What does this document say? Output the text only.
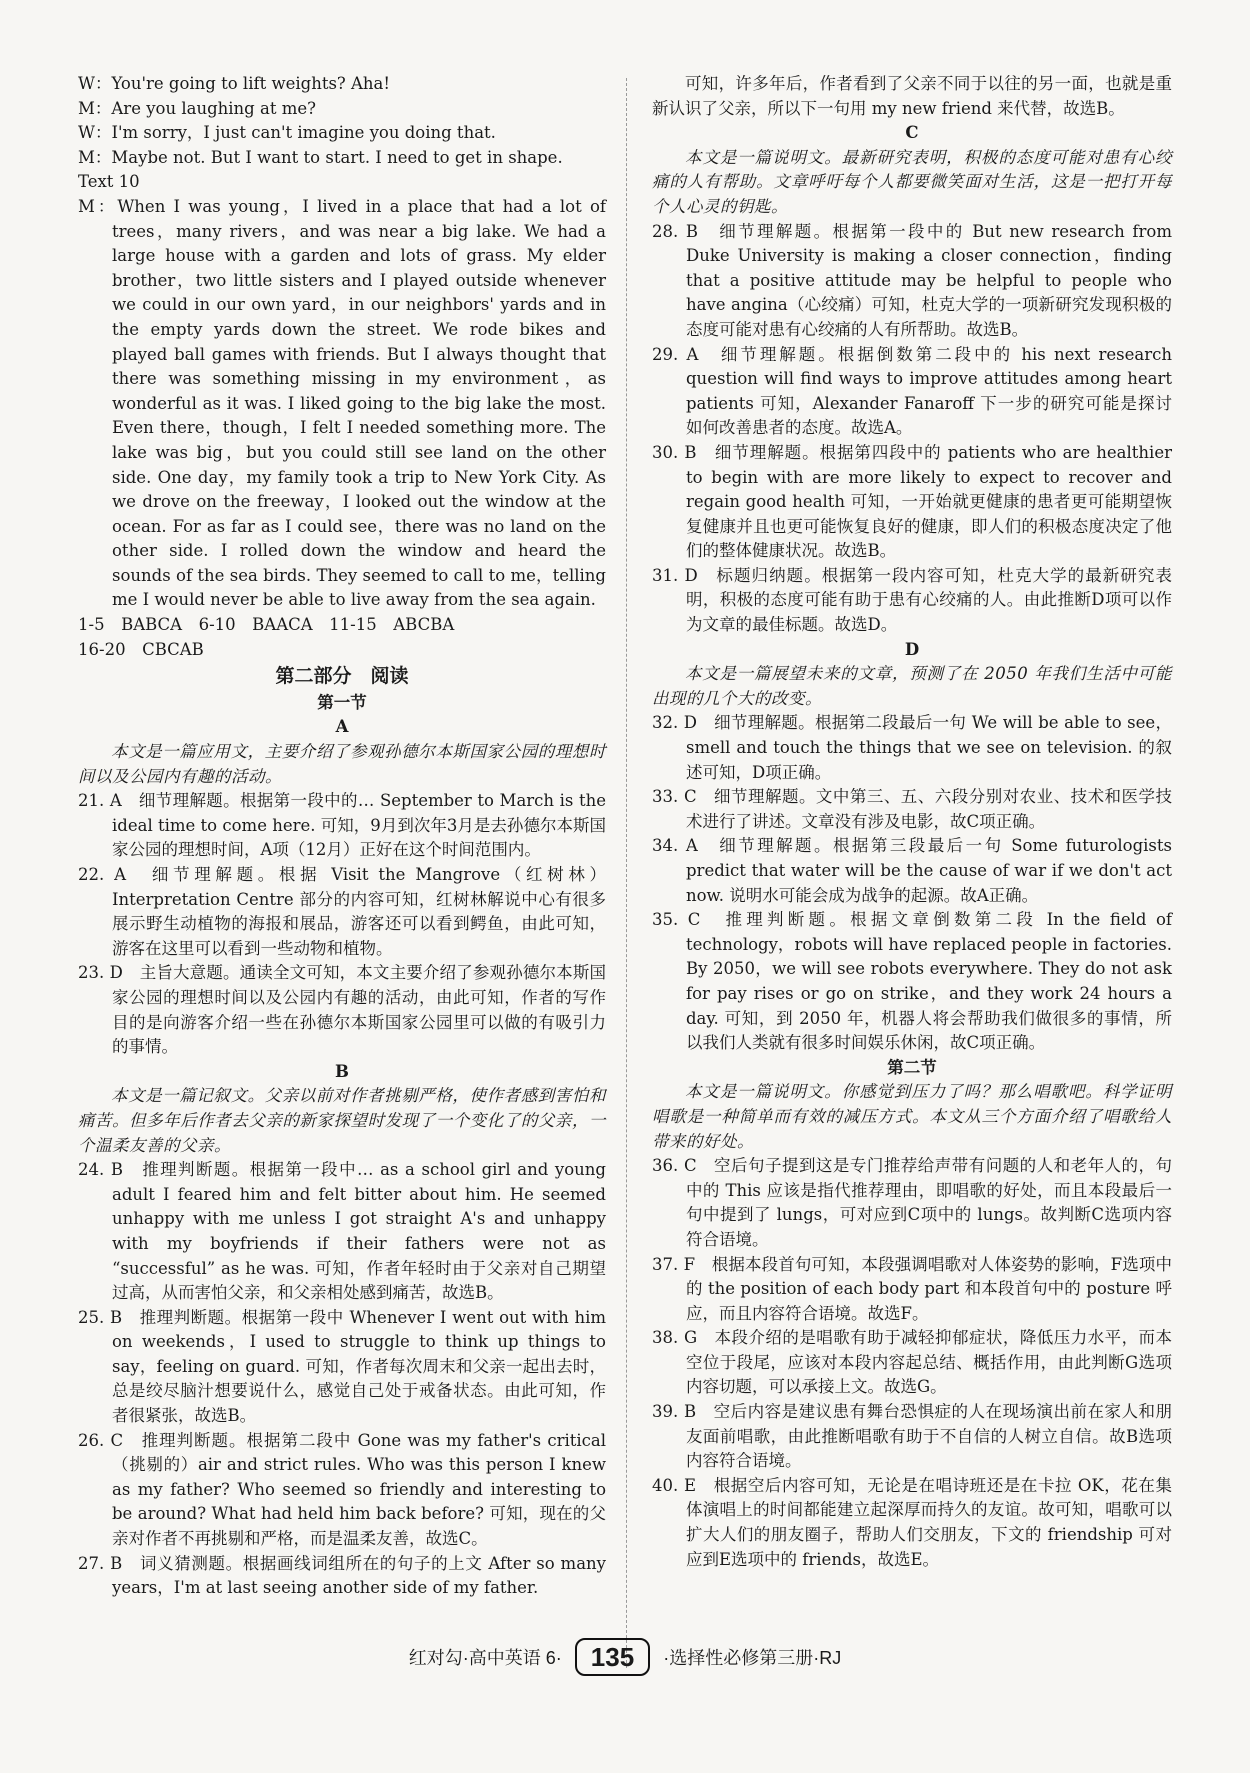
W：You're going to lift weights? Aha!

M：Are you laughing at me?

W：I'm sorry，I just can't imagine you doing that.

M：Maybe not. But I want to start. I need to get in shape.

Text 10

M：When I was young，I lived in a place that had a lot of trees，many rivers，and was near a big lake. We had a large house with a garden and lots of grass. My elder brother，two little sisters and I played outside whenever we could in our own yard，in our neighbors' yards and in the empty yards down the street. We rode bikes and played ball games with friends. But I always thought that there was something missing in my environment，as wonderful as it was. I liked going to the big lake the most. Even there，though，I felt I needed something more. The lake was big，but you could still see land on the other side. One day，my family took a trip to New York City. As we drove on the freeway，I looked out the window at the ocean. For as far as I could see，there was no land on the other side. I rolled down the window and heard the sounds of the sea birds. They seemed to call to me，telling me I would never be able to live away from the sea again.

1-5　BABCA　6-10　BAACA　11-15　ABCBA

16-20　CBCAB

第二部分　阅读

第一节

A

本文是一篇应用文，主要介绍了参观孙德尔本斯国家公园的理想时间以及公园内有趣的活动。

21. A　细节理解题。根据第一段中的… September to March is the ideal time to come here. 可知，9月到次年3月是去孙德尔本斯国家公园的理想时间，A项（12月）正好在这个时间范围内。

22. A　细节理解题。根据 Visit the Mangrove（红树林）Interpretation Centre 部分的内容可知，红树林解说中心有很多展示野生动植物的海报和展品，游客还可以看到鳄鱼，由此可知，游客在这里可以看到一些动物和植物。

23. D　主旨大意题。通读全文可知，本文主要介绍了参观孙德尔本斯国家公园的理想时间以及公园内有趣的活动，由此可知，作者的写作目的是向游客介绍一些在孙德尔本斯国家公园里可以做的有吸引力的事情。

B

本文是一篇记叙文。父亲以前对作者挑剔严格，使作者感到害怕和痛苦。但多年后作者去父亲的新家探望时发现了一个变化了的父亲，一个温柔友善的父亲。

24. B　推理判断题。根据第一段中… as a school girl and young adult I feared him and felt bitter about him. He seemed unhappy with me unless I got straight A's and unhappy with my boyfriends if their fathers were not as “successful” as he was. 可知，作者年轻时由于父亲对自己期望过高，从而害怕父亲，和父亲相处感到痛苦，故选B。

25. B　推理判断题。根据第一段中 Whenever I went out with him on weekends，I used to struggle to think up things to say，feeling on guard. 可知，作者每次周末和父亲一起出去时，总是绞尽脑汁想要说什么，感觉自己处于戒备状态。由此可知，作者很紧张，故选B。

26. C　推理判断题。根据第二段中 Gone was my father's critical（挑剔的）air and strict rules. Who was this person I knew as my father? Who seemed so friendly and interesting to be around? What had held him back before? 可知，现在的父亲对作者不再挑剔和严格，而是温柔友善，故选C。

27. B　词义猜测题。根据画线词组所在的句子的上文 After so many years，I'm at last seeing another side of my father.

可知，许多年后，作者看到了父亲不同于以往的另一面，也就是重新认识了父亲，所以下一句用 my new friend 来代替，故选B。

C

本文是一篇说明文。最新研究表明，积极的态度可能对患有心绞痛的人有帮助。文章呼吁每个人都要微笑面对生活，这是一把打开每个人心灵的钥匙。

28. B　细节理解题。根据第一段中的 But new research from Duke University is making a closer connection，finding that a positive attitude may be helpful to people who have angina（心绞痛）可知，杜克大学的一项新研究发现积极的态度可能对患有心绞痛的人有所帮助。故选B。

29. A　细节理解题。根据倒数第二段中的 his next research question will find ways to improve attitudes among heart patients 可知，Alexander Fanaroff 下一步的研究可能是探讨如何改善患者的态度。故选A。

30. B　细节理解题。根据第四段中的 patients who are healthier to begin with are more likely to expect to recover and regain good health 可知，一开始就更健康的患者更可能期望恢复健康并且也更可能恢复良好的健康，即人们的积极态度决定了他们的整体健康状况。故选B。

31. D　标题归纳题。根据第一段内容可知，杜克大学的最新研究表明，积极的态度可能有助于患有心绞痛的人。由此推断D项可以作为文章的最佳标题。故选D。

D

本文是一篇展望未来的文章，预测了在 2050 年我们生活中可能出现的几个大的改变。

32. D　细节理解题。根据第二段最后一句 We will be able to see，smell and touch the things that we see on television. 的叙述可知，D项正确。

33. C　细节理解题。文中第三、五、六段分别对农业、技术和医学技术进行了讲述。文章没有涉及电影，故C项正确。

34. A　细节理解题。根据第三段最后一句 Some futurologists predict that water will be the cause of war if we don't act now. 说明水可能会成为战争的起源。故A正确。

35. C　推理判断题。根据文章倒数第二段 In the field of technology，robots will have replaced people in factories. By 2050，we will see robots everywhere. They do not ask for pay rises or go on strike，and they work 24 hours a day. 可知，到 2050 年，机器人将会帮助我们做很多的事情，所以我们人类就有很多时间娱乐休闲，故C项正确。

第二节

本文是一篇说明文。你感觉到压力了吗？那么唱歌吧。科学证明唱歌是一种简单而有效的减压方式。本文从三个方面介绍了唱歌给人带来的好处。

36. C　空后句子提到这是专门推荐给声带有问题的人和老年人的，句中的 This 应该是指代推荐理由，即唱歌的好处，而且本段最后一句中提到了 lungs，可对应到C项中的 lungs。故判断C选项内容符合语境。

37. F　根据本段首句可知，本段强调唱歌对人体姿势的影响，F选项中的 the position of each body part 和本段首句中的 posture 呼应，而且内容符合语境。故选F。

38. G　本段介绍的是唱歌有助于减轻抑郁症状，降低压力水平，而本空位于段尾，应该对本段内容起总结、概括作用，由此判断G选项内容切题，可以承接上文。故选G。

39. B　空后内容是建议患有舞台恐惧症的人在现场演出前在家人和朋友面前唱歌，由此推断唱歌有助于不自信的人树立自信。故B选项内容符合语境。

40. E　根据空后内容可知，无论是在唱诗班还是在卡拉 OK，花在集体演唱上的时间都能建立起深厚而持久的友谊。故可知，唱歌可以扩大人们的朋友圈子，帮助人们交朋友，下文的 friendship 可对应到E选项中的 friends，故选E。

红对勾·高中英语 6· 135 ·选择性必修第三册·RJ
